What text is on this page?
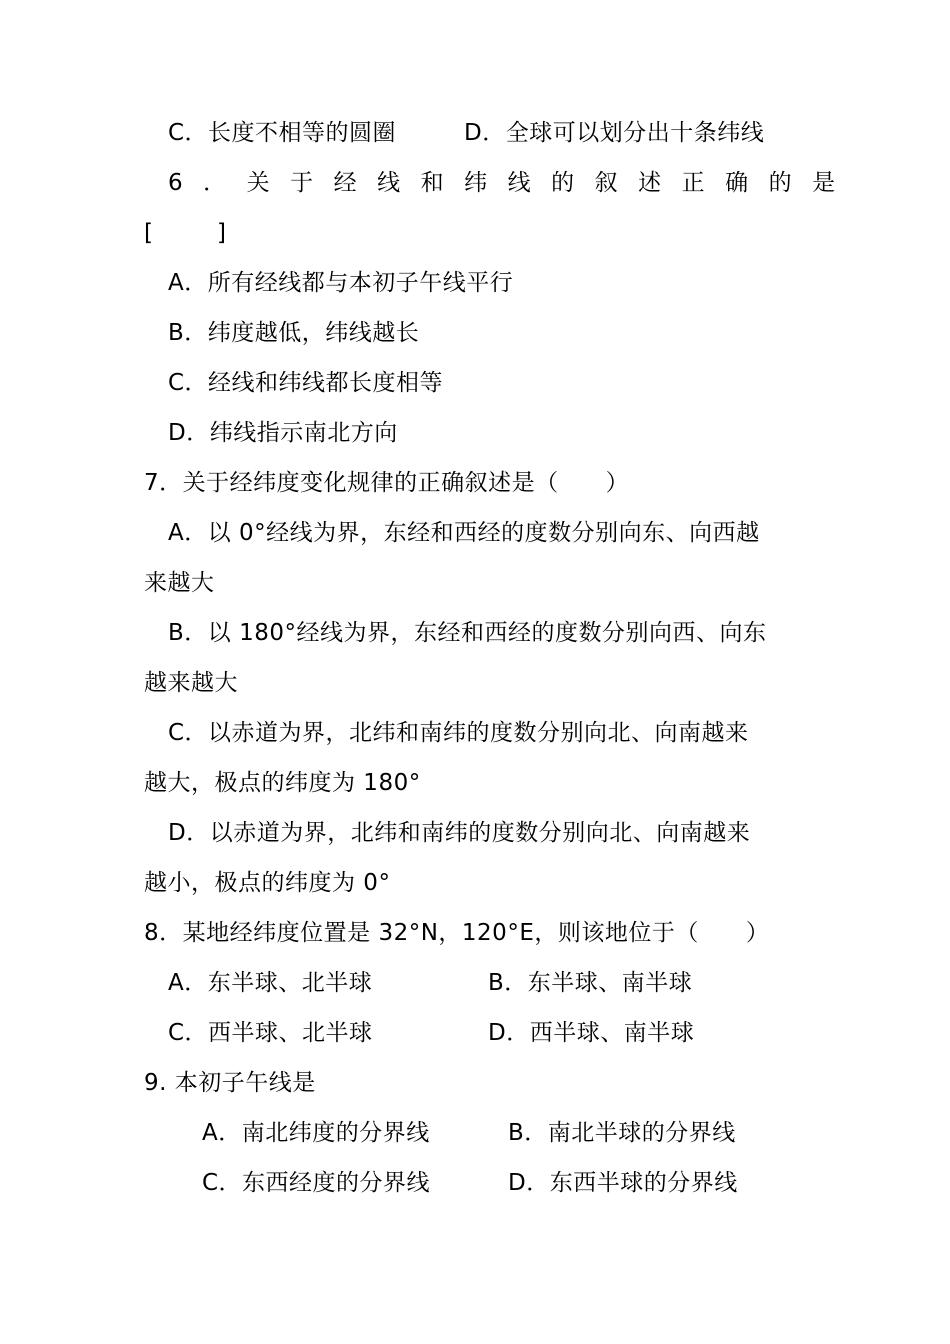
C．长度不相等的圆圈	D．全球可以划分出十条纬线
6．关于经线和纬线的叙述正确的是
[　　]
A．所有经线都与本初子午线平行
B．纬度越低，纬线越长
C．经线和纬线都长度相等
D．纬线指示南北方向
7．关于经纬度变化规律的正确叙述是（　　）
A．以 0°经线为界，东经和西经的度数分别向东、向西越
来越大
B．以 180°经线为界，东经和西经的度数分别向西、向东
越来越大
C．以赤道为界，北纬和南纬的度数分别向北、向南越来
越大，极点的纬度为 180°
D．以赤道为界，北纬和南纬的度数分别向北、向南越来
越小，极点的纬度为 0°
8．某地经纬度位置是 32°N，120°E，则该地位于（　　）
A．东半球、北半球	B．东半球、南半球
C．西半球、北半球	D．西半球、南半球
9. 本初子午线是
A．南北纬度的分界线	B．南北半球的分界线
C．东西经度的分界线	D．东西半球的分界线
